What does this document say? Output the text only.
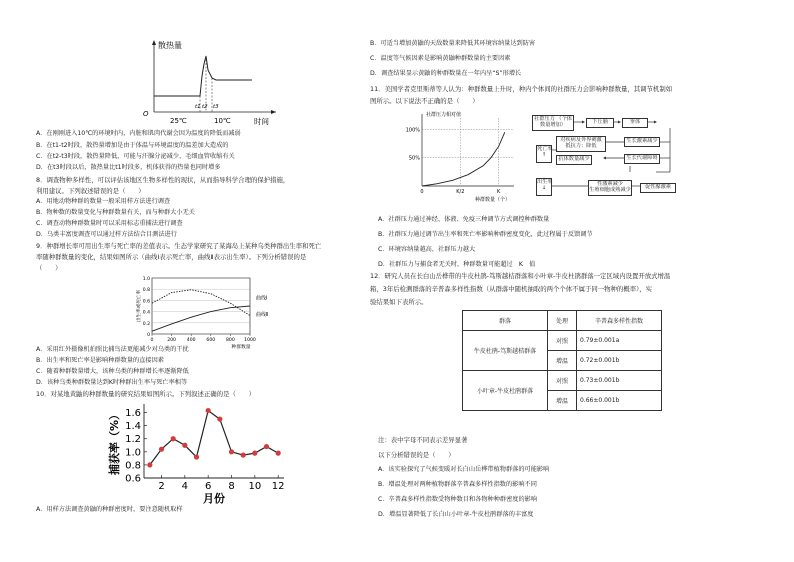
散热量
O
t1 t2 t3
25℃	10℃	时间
A．在刚刚进入10℃的环境时内，内脏和肌肉代谢会因为温度的降低而减弱
B．在t1-t2时段，散热量增加是由于体温与环境温度的温差加大造成的
C．在t2-t3时段，散热量降低，可能与汗腺分泌减少、毛细血管收缩有关
D．在t3时段以后，散热量比t1时段多，机体获得的热量也同时增多
8．调查物种多样性，可以评估该地区生物多样性的现状，从而指导科学合理的保护措施，
利用建议。下列叙述错误的是（　　）
A．用地动物种群的数量一般采用样方法进行调查
B．物种数的数量变化与种群数量有关，而与种群大小无关
C．调查动物种群数量时可以采用标志重捕法进行调查
D．乌类丰富度调查可以通过样方法结合目测法进行
9．种群增长率可用出生率与死亡率的差值表示。生态学家研究了某海岛上某种乌类种群出生率和死亡
率随种群数量的变化，结果如图所示（曲线Ⅰ表示死亡率，曲线Ⅱ表示出生率）。下列分析错误的是
（　　）
0
0.2
0.4
0.6
0.8
1.0
0	200 400 600 800 1000
曲线Ⅰ
曲线Ⅱ
种群数量
出生率或死亡率
A．采用红外摄像机拍照比捕鸟法更能减少对乌类的干扰
B．出生率和死亡率是影响种群数量的直接因素
C．随着种群数量增大，该种乌类的种群增长率逐渐降低
D．该种乌类种群数量达到K时种群出生率与死亡率相等
10．对某地黄鼬的种群数量的研究结果如图所示。下列叙述正确的是（　　）
0.6
0.8
1.0
1.2
1.4
1.6
2 4 6 8 10 12
月份
捕获率（%）
A．用样方法调查黄鼬的种群密度时，要注意随机取样
B．可适当增加黄鼬的天敌数量来降低其环境容纳量达到防害
C．温度等气候因素是影响黄鼬种群数量的主要因素
D．调查结果显示黄鼬的种群数量在一年内呈“S”形增长
11．美国学者克里斯蒂等人认为：种群数量上升时，种内个体间的社群压力会影响种群数量，其调节机制如
图所示。以下说法不正确的是（　　）
50%
100%
0	K/2	K
社群压力相对值
种群数量（个）
社群压力 （个体数量增加）	下丘脑	垂体
死亡率
↑
对疾病及外界刺激
抵抗力：降低
生长激素减少
抗体数量减少	生长代谢障碍
出生率
↓
性激素减少
生殖细胞成熟减少	促性腺激素
A．社群压力通过神经、体液、免疫三种调节方式调控种群数量
B．社群压力通过调节出生率和死亡率影响种群密度变化，此过程属于反馈调节
C．环境容纳量越高，社群压力越大
D．社群压力与捕食者无关时，种群数量可能超过　K　值
12．研究人员在长白山岳桦带的牛皮杜鹃-笃斯越桔群落和小叶章-牛皮杜鹃群落一定区域内设置开放式增温
箱，3年后检测群落的辛普森多样性指数（从群落中随机抽取的两个个体不属于同一物种的概率），实
验结果如下表所示。
群落	处理	辛普森多样性指数
牛皮杜鹃-笃斯越桔群落	对照	0.79±0.001a
	增温	0.72±0.001b
小叶章-牛皮杜鹃群落	对照	0.73±0.001b
	增温	0.66±0.001b
注：表中字母不同表示差异显著
以下分析错误的是（　　）
A．该实验探究了气候变暖对长白山岳桦带植物群落的可能影响
B．增温处理对两种植物群落辛普森多样性指数的影响不同
C．辛普森多样性指数受物种数目和各物种种群密度的影响
D．增温显著降低了长白山小叶章-牛皮杜鹃群落的丰富度
